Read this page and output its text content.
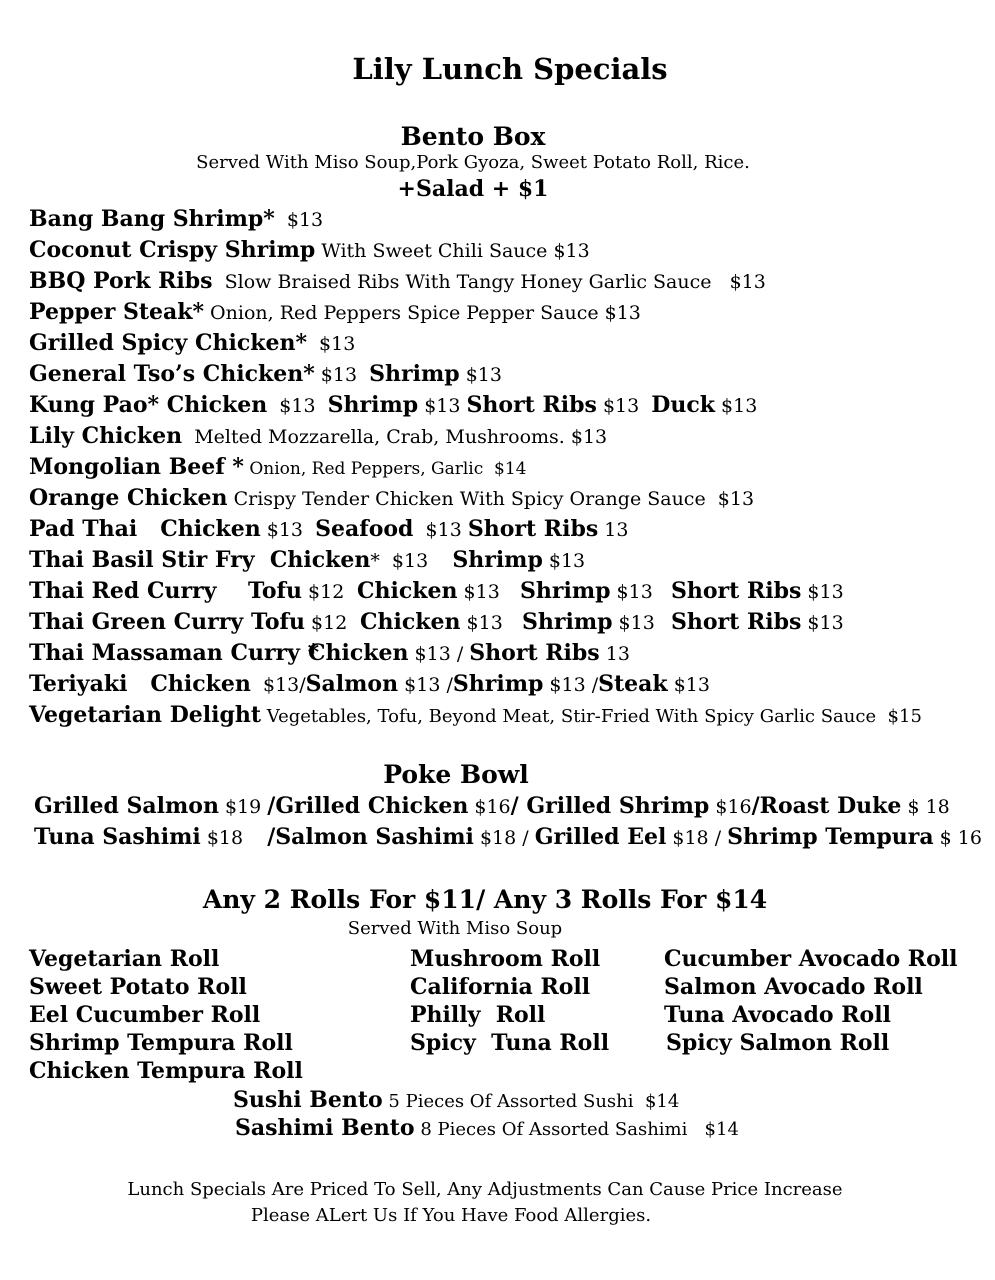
Lily Lunch Specials
Bento Box
Served With Miso Soup,Pork Gyoza, Sweet Potato Roll, Rice.
+Salad + $1
Bang Bang Shrimp*  $13
Coconut Crispy Shrimp With Sweet Chili Sauce $13
BBQ Pork Ribs  Slow Braised Ribs With Tangy Honey Garlic Sauce   $13
Pepper Steak* Onion, Red Peppers Spice Pepper Sauce $13
Grilled Spicy Chicken*  $13
General Tso’s Chicken* $13  Shrimp $13
Kung Pao* Chicken  $13  Shrimp $13 Short Ribs $13  Duck $13
Lily Chicken  Melted Mozzarella, Crab, Mushrooms. $13
Mongolian Beef * Onion, Red Peppers, Garlic  $14
Orange Chicken Crispy Tender Chicken With Spicy Orange Sauce  $13
Pad Thai   Chicken $13  Seafood  $13 Short Ribs 13
Thai Basil Stir Fry  Chicken*  $13    Shrimp $13
Thai Red Curry Tofu $12 Chicken $13 Shrimp $13 Short Ribs $13
Thai Green Curry Tofu $12 Chicken $13 Shrimp $13 Short Ribs $13
Thai Massaman Curry *
Chicken $13 / Short Ribs 13
Teriyaki   Chicken  $13/Salmon $13 /Shrimp $13 /Steak $13
Vegetarian Delight Vegetables, Tofu, Beyond Meat, Stir-Fried With Spicy Garlic Sauce  $15
Poke Bowl
Grilled Salmon $19 /Grilled Chicken $16/ Grilled Shrimp $16/Roast Duke $ 18
Tuna Sashimi $18    /Salmon Sashimi $18 / Grilled Eel $18 / Shrimp Tempura $ 16
Any 2 Rolls For $11/ Any 3 Rolls For $14
Served With Miso Soup
Vegetarian Roll
Sweet Potato Roll
Eel Cucumber Roll
Shrimp Tempura Roll
Chicken Tempura Roll
Mushroom Roll
California Roll
Philly  Roll
Spicy  Tuna Roll
Cucumber Avocado Roll
Salmon Avocado Roll
Tuna Avocado Roll
Spicy Salmon Roll
Sushi Bento 5 Pieces Of Assorted Sushi  $14
Sashimi Bento 8 Pieces Of Assorted Sashimi   $14
Lunch Specials Are Priced To Sell, Any Adjustments Can Cause Price Increase
Please ALert Us If You Have Food Allergies.
